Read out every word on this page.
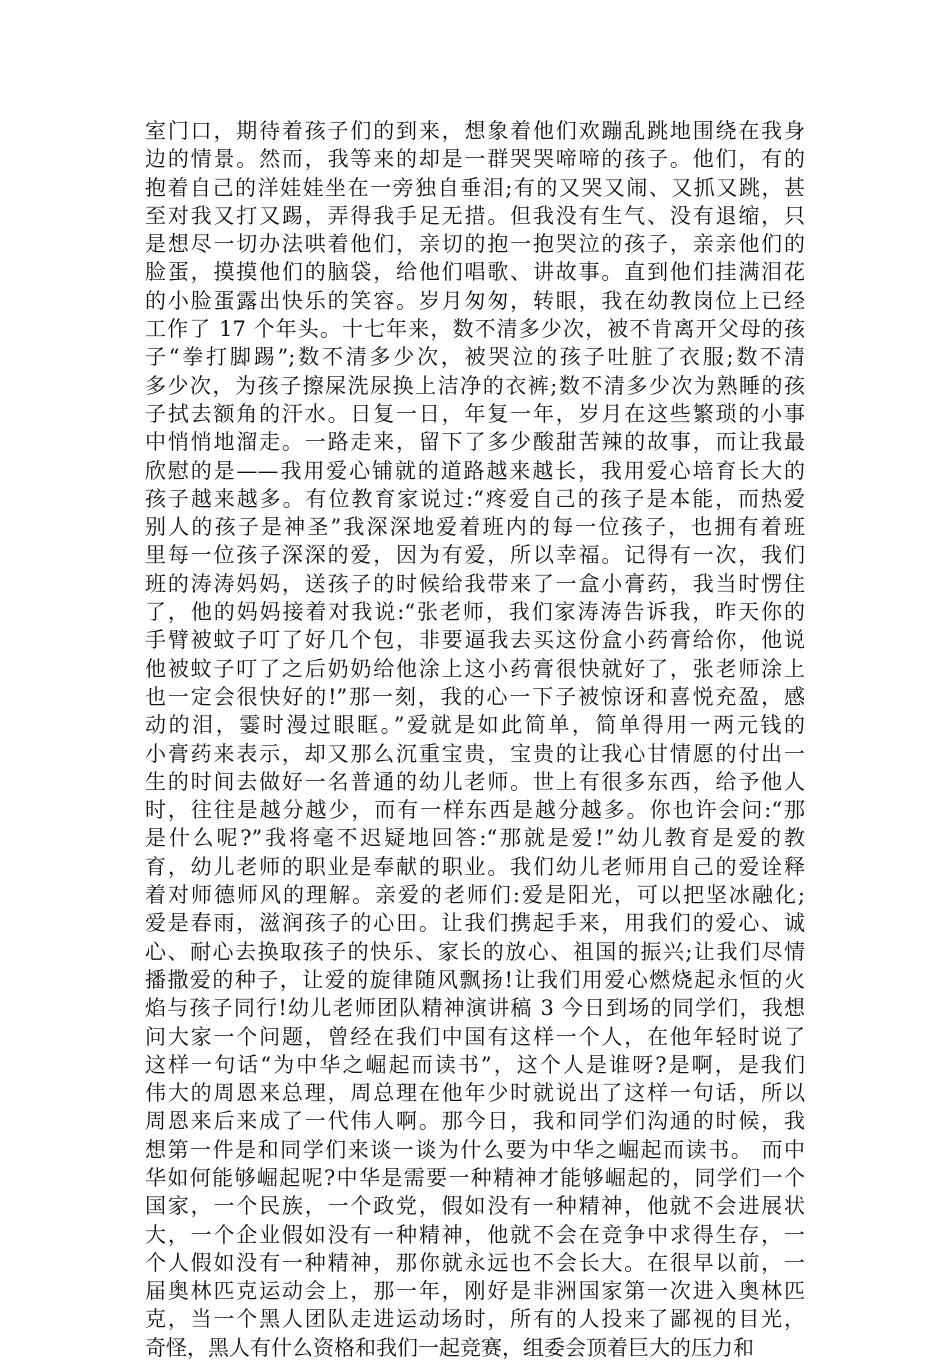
室门口，期待着孩子们的到来，想象着他们欢蹦乱跳地围绕在我身
边的情景。然而，我等来的却是一群哭哭啼啼的孩子。他们，有的
抱着自己的洋娃娃坐在一旁独自垂泪;有的又哭又闹、又抓又跳，甚
至对我又打又踢，弄得我手足无措。但我没有生气、没有退缩，只
是想尽一切办法哄着他们，亲切的抱一抱哭泣的孩子，亲亲他们的
脸蛋，摸摸他们的脑袋，给他们唱歌、讲故事。直到他们挂满泪花
的小脸蛋露出快乐的笑容。岁月匆匆，转眼，我在幼教岗位上已经
工作了 17 个年头。十七年来，数不清多少次，被不肯离开父母的孩
子“拳打脚踢”;数不清多少次，被哭泣的孩子吐脏了衣服;数不清
多少次，为孩子擦屎洗尿换上洁净的衣裤;数不清多少次为熟睡的孩
子拭去额角的汗水。日复一日，年复一年，岁月在这些繁琐的小事
中悄悄地溜走。一路走来，留下了多少酸甜苦辣的故事，而让我最
欣慰的是——我用爱心铺就的道路越来越长，我用爱心培育长大的
孩子越来越多。有位教育家说过:“疼爱自己的孩子是本能，而热爱
别人的孩子是神圣”我深深地爱着班内的每一位孩子，也拥有着班
里每一位孩子深深的爱，因为有爱，所以幸福。记得有一次，我们
班的涛涛妈妈，送孩子的时候给我带来了一盒小膏药，我当时愣住
了，他的妈妈接着对我说:“张老师，我们家涛涛告诉我，昨天你的
手臂被蚊子叮了好几个包，非要逼我去买这份盒小药膏给你，他说
他被蚊子叮了之后奶奶给他涂上这小药膏很快就好了，张老师涂上
也一定会很快好的!”那一刻，我的心一下子被惊讶和喜悦充盈，感
动的泪，霎时漫过眼眶。”爱就是如此简单，简单得用一两元钱的
小膏药来表示，却又那么沉重宝贵，宝贵的让我心甘情愿的付出一
生的时间去做好一名普通的幼儿老师。世上有很多东西，给予他人
时，往往是越分越少，而有一样东西是越分越多。你也许会问:“那
是什么呢?”我将毫不迟疑地回答:“那就是爱!”幼儿教育是爱的教
育，幼儿老师的职业是奉献的职业。我们幼儿老师用自己的爱诠释
着对师德师风的理解。亲爱的老师们:爱是阳光，可以把坚冰融化;
爱是春雨，滋润孩子的心田。让我们携起手来，用我们的爱心、诚
心、耐心去换取孩子的快乐、家长的放心、祖国的振兴;让我们尽情
播撒爱的种子，让爱的旋律随风飘扬!让我们用爱心燃烧起永恒的火
焰与孩子同行!幼儿老师团队精神演讲稿 3 今日到场的同学们，我想
问大家一个问题，曾经在我们中国有这样一个人，在他年轻时说了
这样一句话“为中华之崛起而读书”，这个人是谁呀?是啊，是我们
伟大的周恩来总理，周总理在他年少时就说出了这样一句话，所以
周恩来后来成了一代伟人啊。那今日，我和同学们沟通的时候，我
想第一件是和同学们来谈一谈为什么要为中华之崛起而读书。 而中
华如何能够崛起呢?中华是需要一种精神才能够崛起的，同学们一个
国家，一个民族，一个政党，假如没有一种精神，他就不会进展状
大，一个企业假如没有一种精神，他就不会在竞争中求得生存，一
个人假如没有一种精神，那你就永远也不会长大。在很早以前，一
届奥林匹克运动会上，那一年，刚好是非洲国家第一次进入奥林匹
克，当一个黑人团队走进运动场时，所有的人投来了鄙视的目光，
奇怪，黑人有什么资格和我们一起竞赛，组委会顶着巨大的压力和
